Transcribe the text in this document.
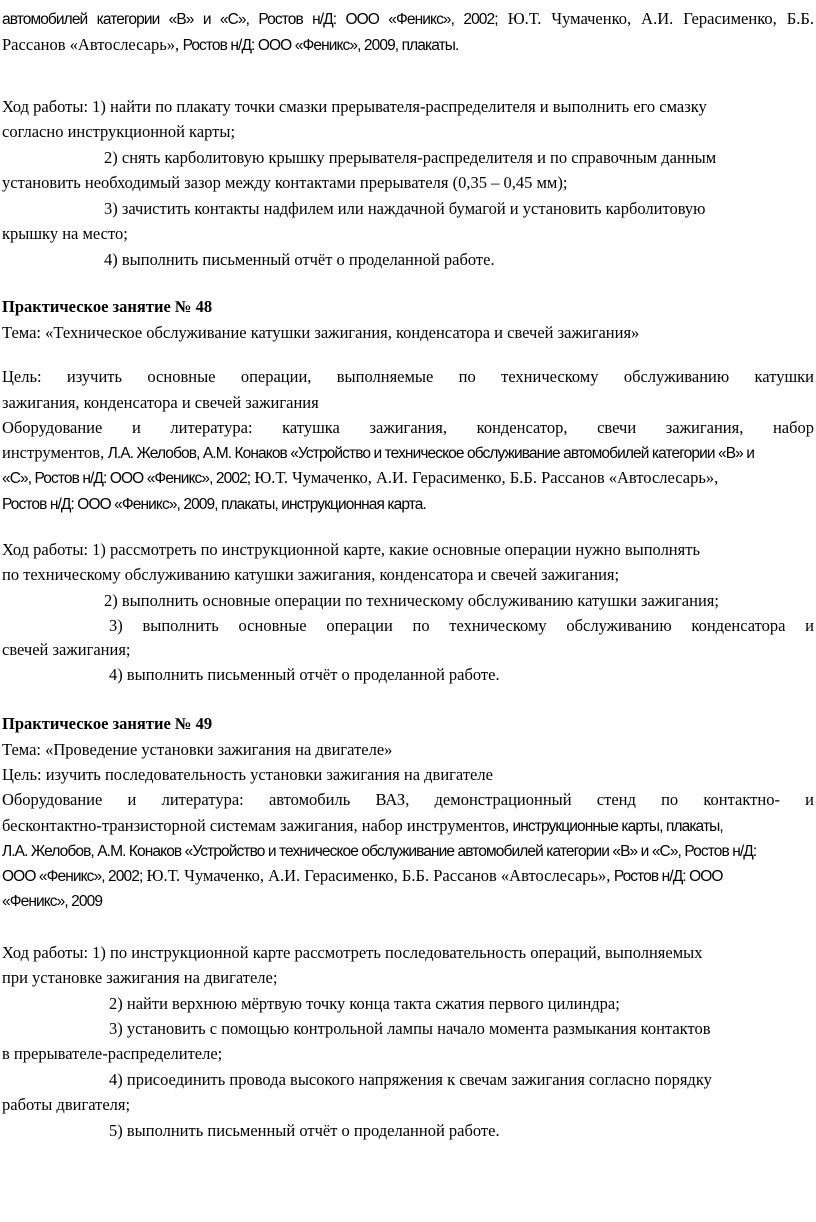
автомобилей категории «В» и «С», Ростов н/Д: ООО «Феникс», 2002; Ю.Т. Чумаченко, А.И. Герасименко, Б.Б.
Рассанов «Автослесарь», Ростов н/Д: ООО «Феникс», 2009, плакаты.
Ход работы: 1) найти по плакату точки смазки прерывателя-распределителя и выполнить его смазку
согласно инструкционной карты;
2) снять карболитовую крышку прерывателя-распределителя и по справочным данным
установить необходимый зазор между контактами прерывателя (0,35 – 0,45 мм);
3) зачистить контакты надфилем или наждачной бумагой и установить карболитовую
крышку на место;
4) выполнить письменный отчёт о проделанной работе.
Практическое занятие № 48
Тема: «Техническое обслуживание катушки зажигания, конденсатора и свечей зажигания»
Цель: изучить основные операции, выполняемые по техническому обслуживанию катушки
зажигания, конденсатора и свечей зажигания
Оборудование и литература: катушка зажигания, конденсатор, свечи зажигания, набор
инструментов, Л.А. Желобов, А.М. Конаков «Устройство и техническое обслуживание автомобилей категории «В» и
«С», Ростов н/Д: ООО «Феникс», 2002; Ю.Т. Чумаченко, А.И. Герасименко, Б.Б. Рассанов «Автослесарь»,
Ростов н/Д: ООО «Феникс», 2009, плакаты, инструкционная карта.
Ход работы: 1) рассмотреть по инструкционной карте, какие основные операции нужно выполнять
по техническому обслуживанию катушки зажигания, конденсатора и свечей зажигания;
2) выполнить основные операции по техническому обслуживанию катушки зажигания;
3) выполнить основные операции по техническому обслуживанию конденсатора и
свечей зажигания;
4) выполнить письменный отчёт о проделанной работе.
Практическое занятие № 49
Тема: «Проведение установки зажигания на двигателе»
Цель: изучить последовательность установки зажигания на двигателе
Оборудование и литература: автомобиль ВАЗ, демонстрационный стенд по контактно- и
бесконтактно-транзисторной системам зажигания, набор инструментов, инструкционные карты, плакаты,
Л.А. Желобов, А.М. Конаков «Устройство и техническое обслуживание автомобилей категории «В» и «С», Ростов н/Д:
ООО «Феникс», 2002; Ю.Т. Чумаченко, А.И. Герасименко, Б.Б. Рассанов «Автослесарь», Ростов н/Д: ООО
«Феникс», 2009
Ход работы: 1) по инструкционной карте рассмотреть последовательность операций, выполняемых
при установке зажигания на двигателе;
2) найти верхнюю мёртвую точку конца такта сжатия первого цилиндра;
3) установить с помощью контрольной лампы начало момента размыкания контактов
в прерывателе-распределителе;
4) присоединить провода высокого напряжения к свечам зажигания согласно порядку
работы двигателя;
5) выполнить письменный отчёт о проделанной работе.
